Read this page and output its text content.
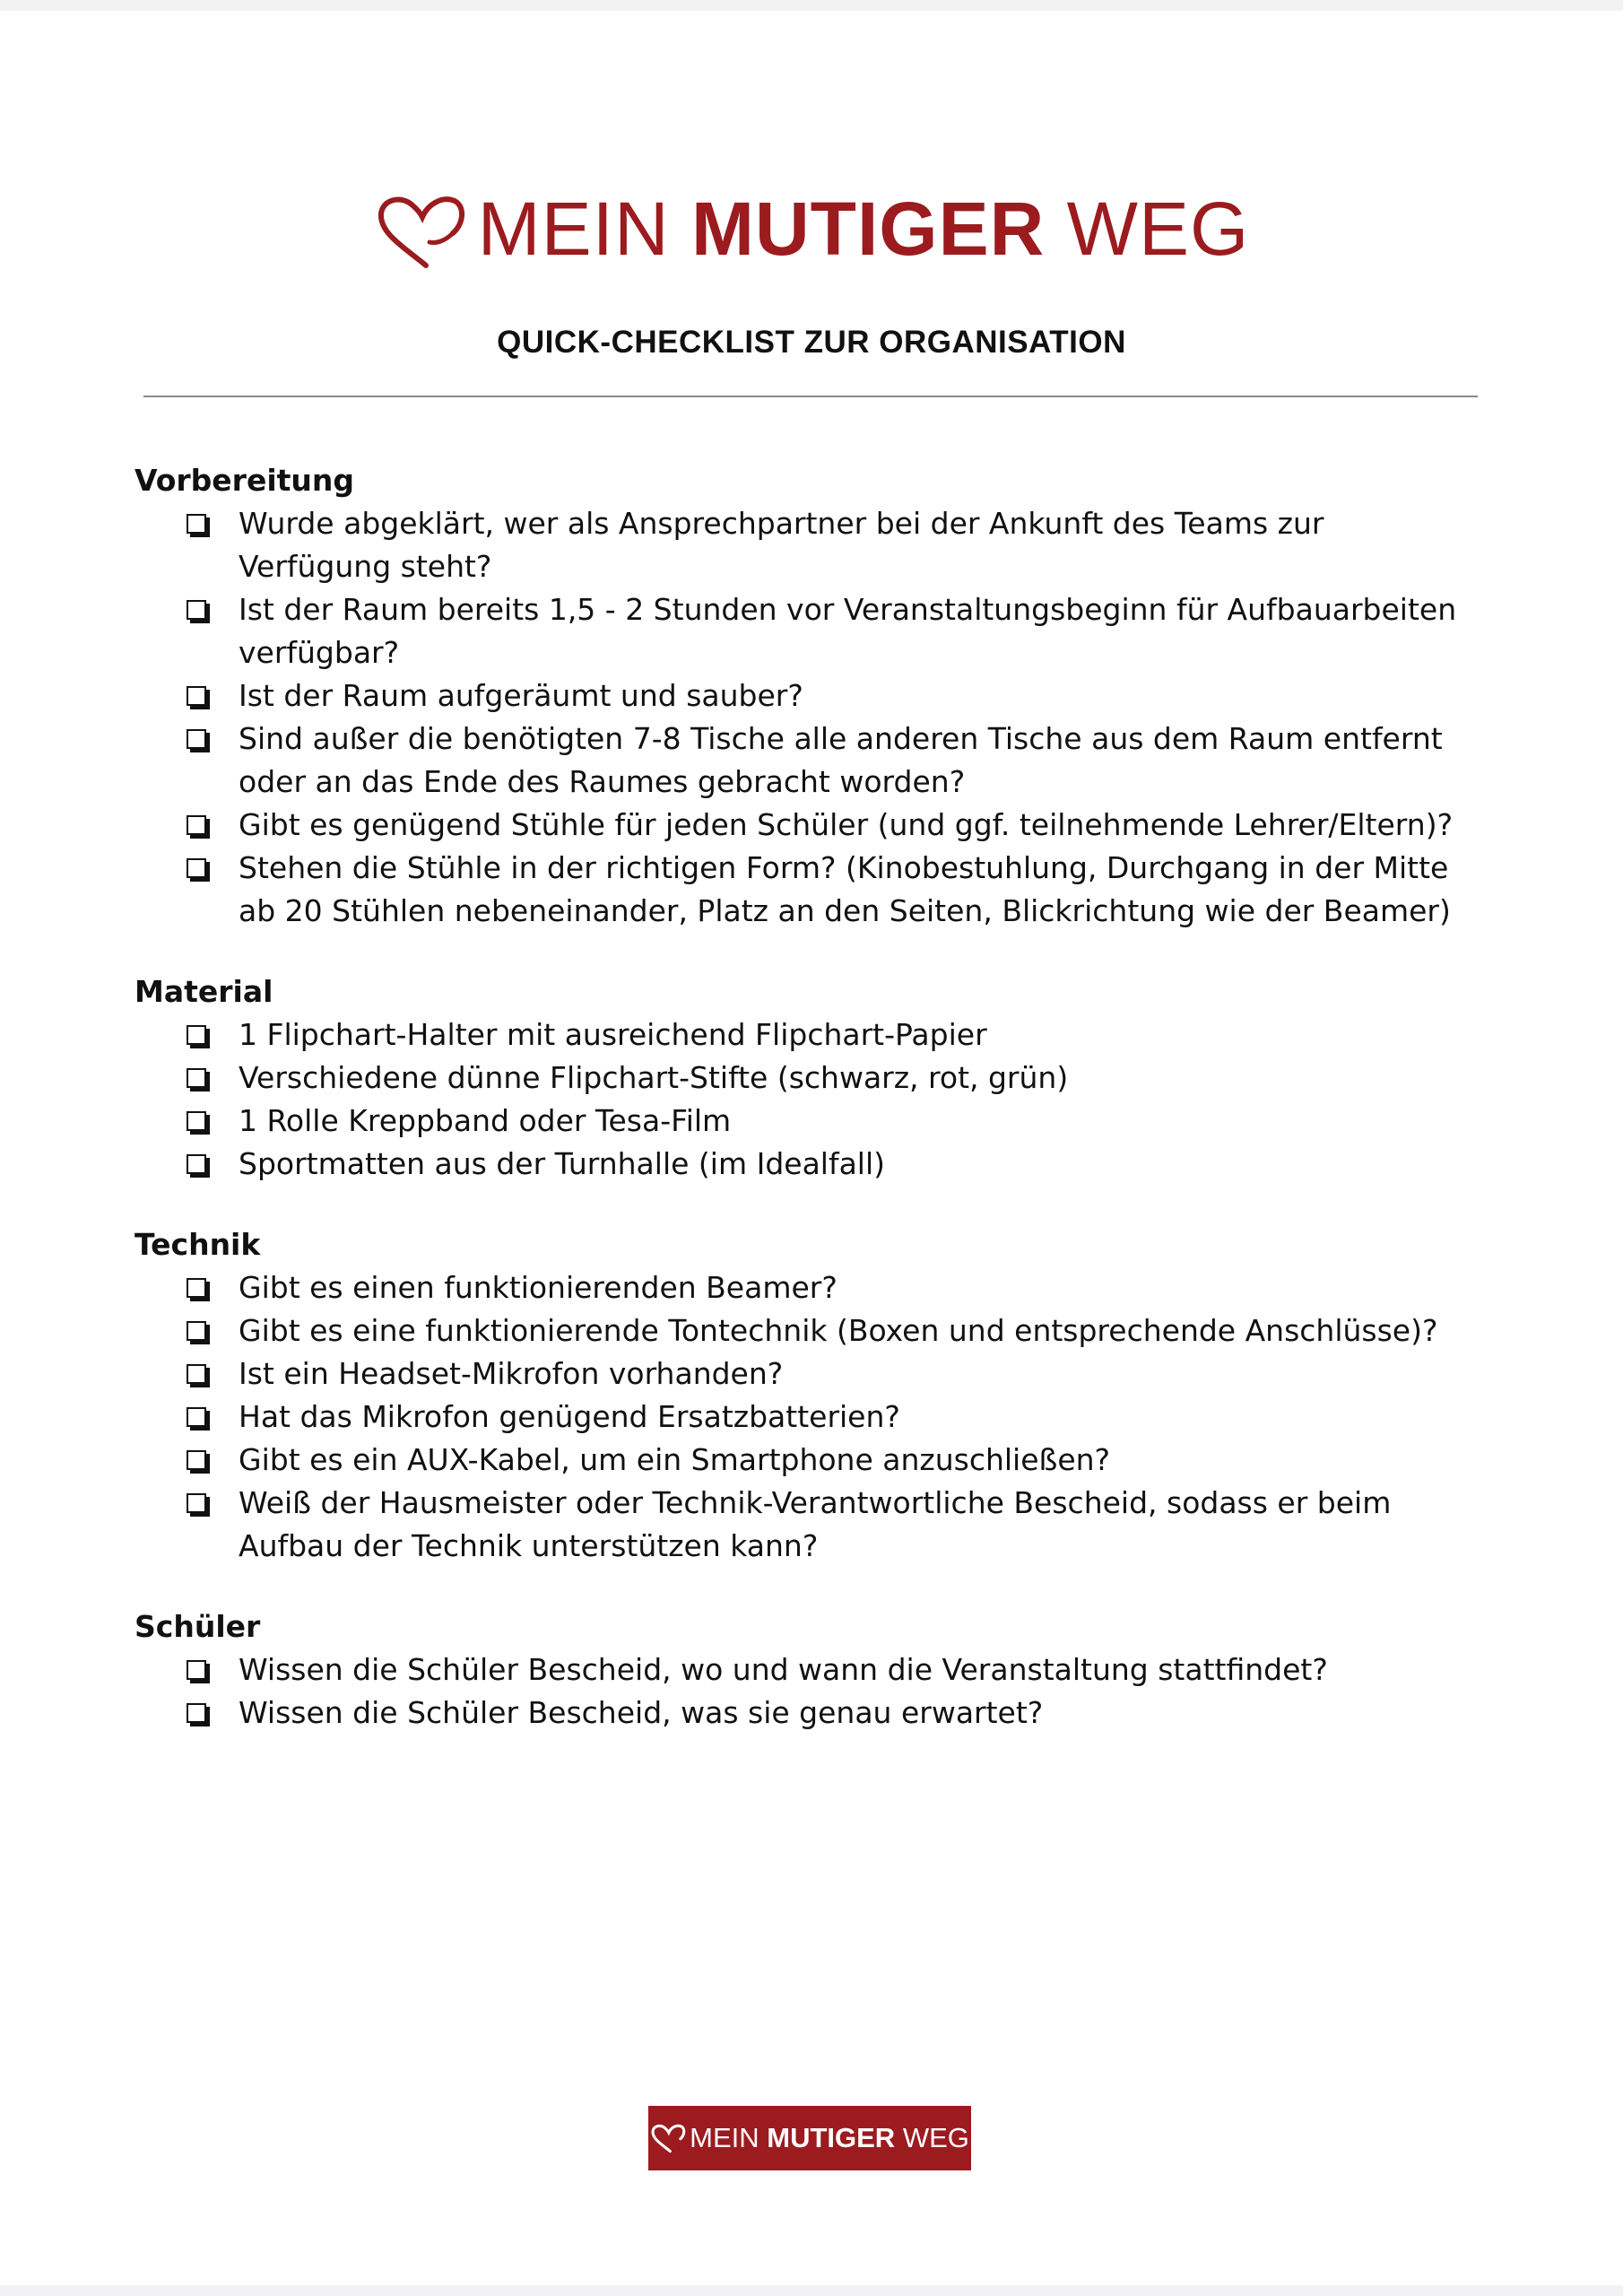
MEIN
MUTIGER
WEG
QUICK-CHECKLIST ZUR ORGANISATION
Vorbereitung
Wurde abgeklärt, wer als Ansprechpartner bei der Ankunft des Teams zur Verfügung steht?
Ist der Raum bereits 1,5 - 2 Stunden vor Veranstaltungsbeginn für Aufbauarbeiten verfügbar?
Ist der Raum aufgeräumt und sauber?
Sind außer die benötigten 7-8 Tische alle anderen Tische aus dem Raum entfernt oder an das Ende des Raumes gebracht worden?
Gibt es genügend Stühle für jeden Schüler (und ggf. teilnehmende Lehrer/Eltern)?
Stehen die Stühle in der richtigen Form? (Kinobestuhlung, Durchgang in der Mitte ab 20 Stühlen nebeneinander, Platz an den Seiten, Blickrichtung wie der Beamer)
Material
1 Flipchart-Halter mit ausreichend Flipchart-Papier
Verschiedene dünne Flipchart-Stifte (schwarz, rot, grün)
1 Rolle Kreppband oder Tesa-Film
Sportmatten aus der Turnhalle (im Idealfall)
Technik
Gibt es einen funktionierenden Beamer?
Gibt es eine funktionierende Tontechnik (Boxen und entsprechende Anschlüsse)?
Ist ein Headset-Mikrofon vorhanden?
Hat das Mikrofon genügend Ersatzbatterien?
Gibt es ein AUX-Kabel, um ein Smartphone anzuschließen?
Weiß der Hausmeister oder Technik-Verantwortliche Bescheid, sodass er beim Aufbau der Technik unterstützen kann?
Schüler
Wissen die Schüler Bescheid, wo und wann die Veranstaltung stattfindet?
Wissen die Schüler Bescheid, was sie genau erwartet?
MEIN
MUTIGER
WEG
